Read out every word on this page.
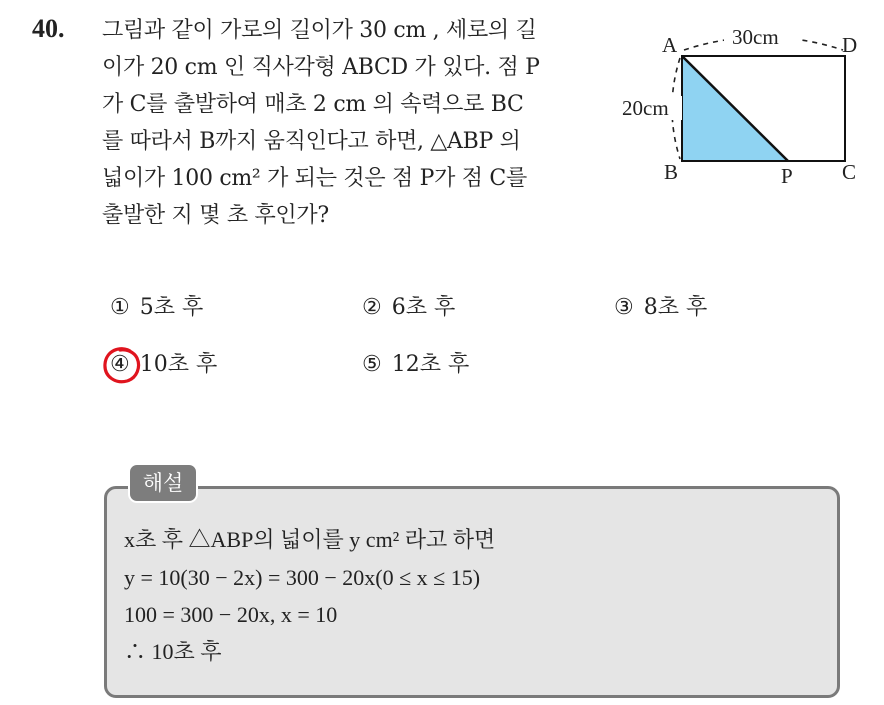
40. 그림과 같이 가로의 길이가 30 cm , 세로의 길
이가 20 cm 인 직사각형 ABCD 가 있다. 점 P
가 C를 출발하여 매초 2 cm 의 속력으로 BC
를 따라서 B까지 움직인다고 하면, △ABP 의
넓이가 100 cm² 가 되는 것은 점 P가 점 C를
출발한 지 몇 초 후인가?
30cm
20cm
A	D
B	C
P
① 5초 후	② 6초 후	③ 8초 후
④ 10초 후	⑤ 12초 후
해설
x초 후 △ABP의 넓이를 y cm² 라고 하면
y = 10(30 − 2x) = 300 − 20x(0 ≤ x ≤ 15)
100 = 300 − 20x, x = 10
∴ 10초 후
